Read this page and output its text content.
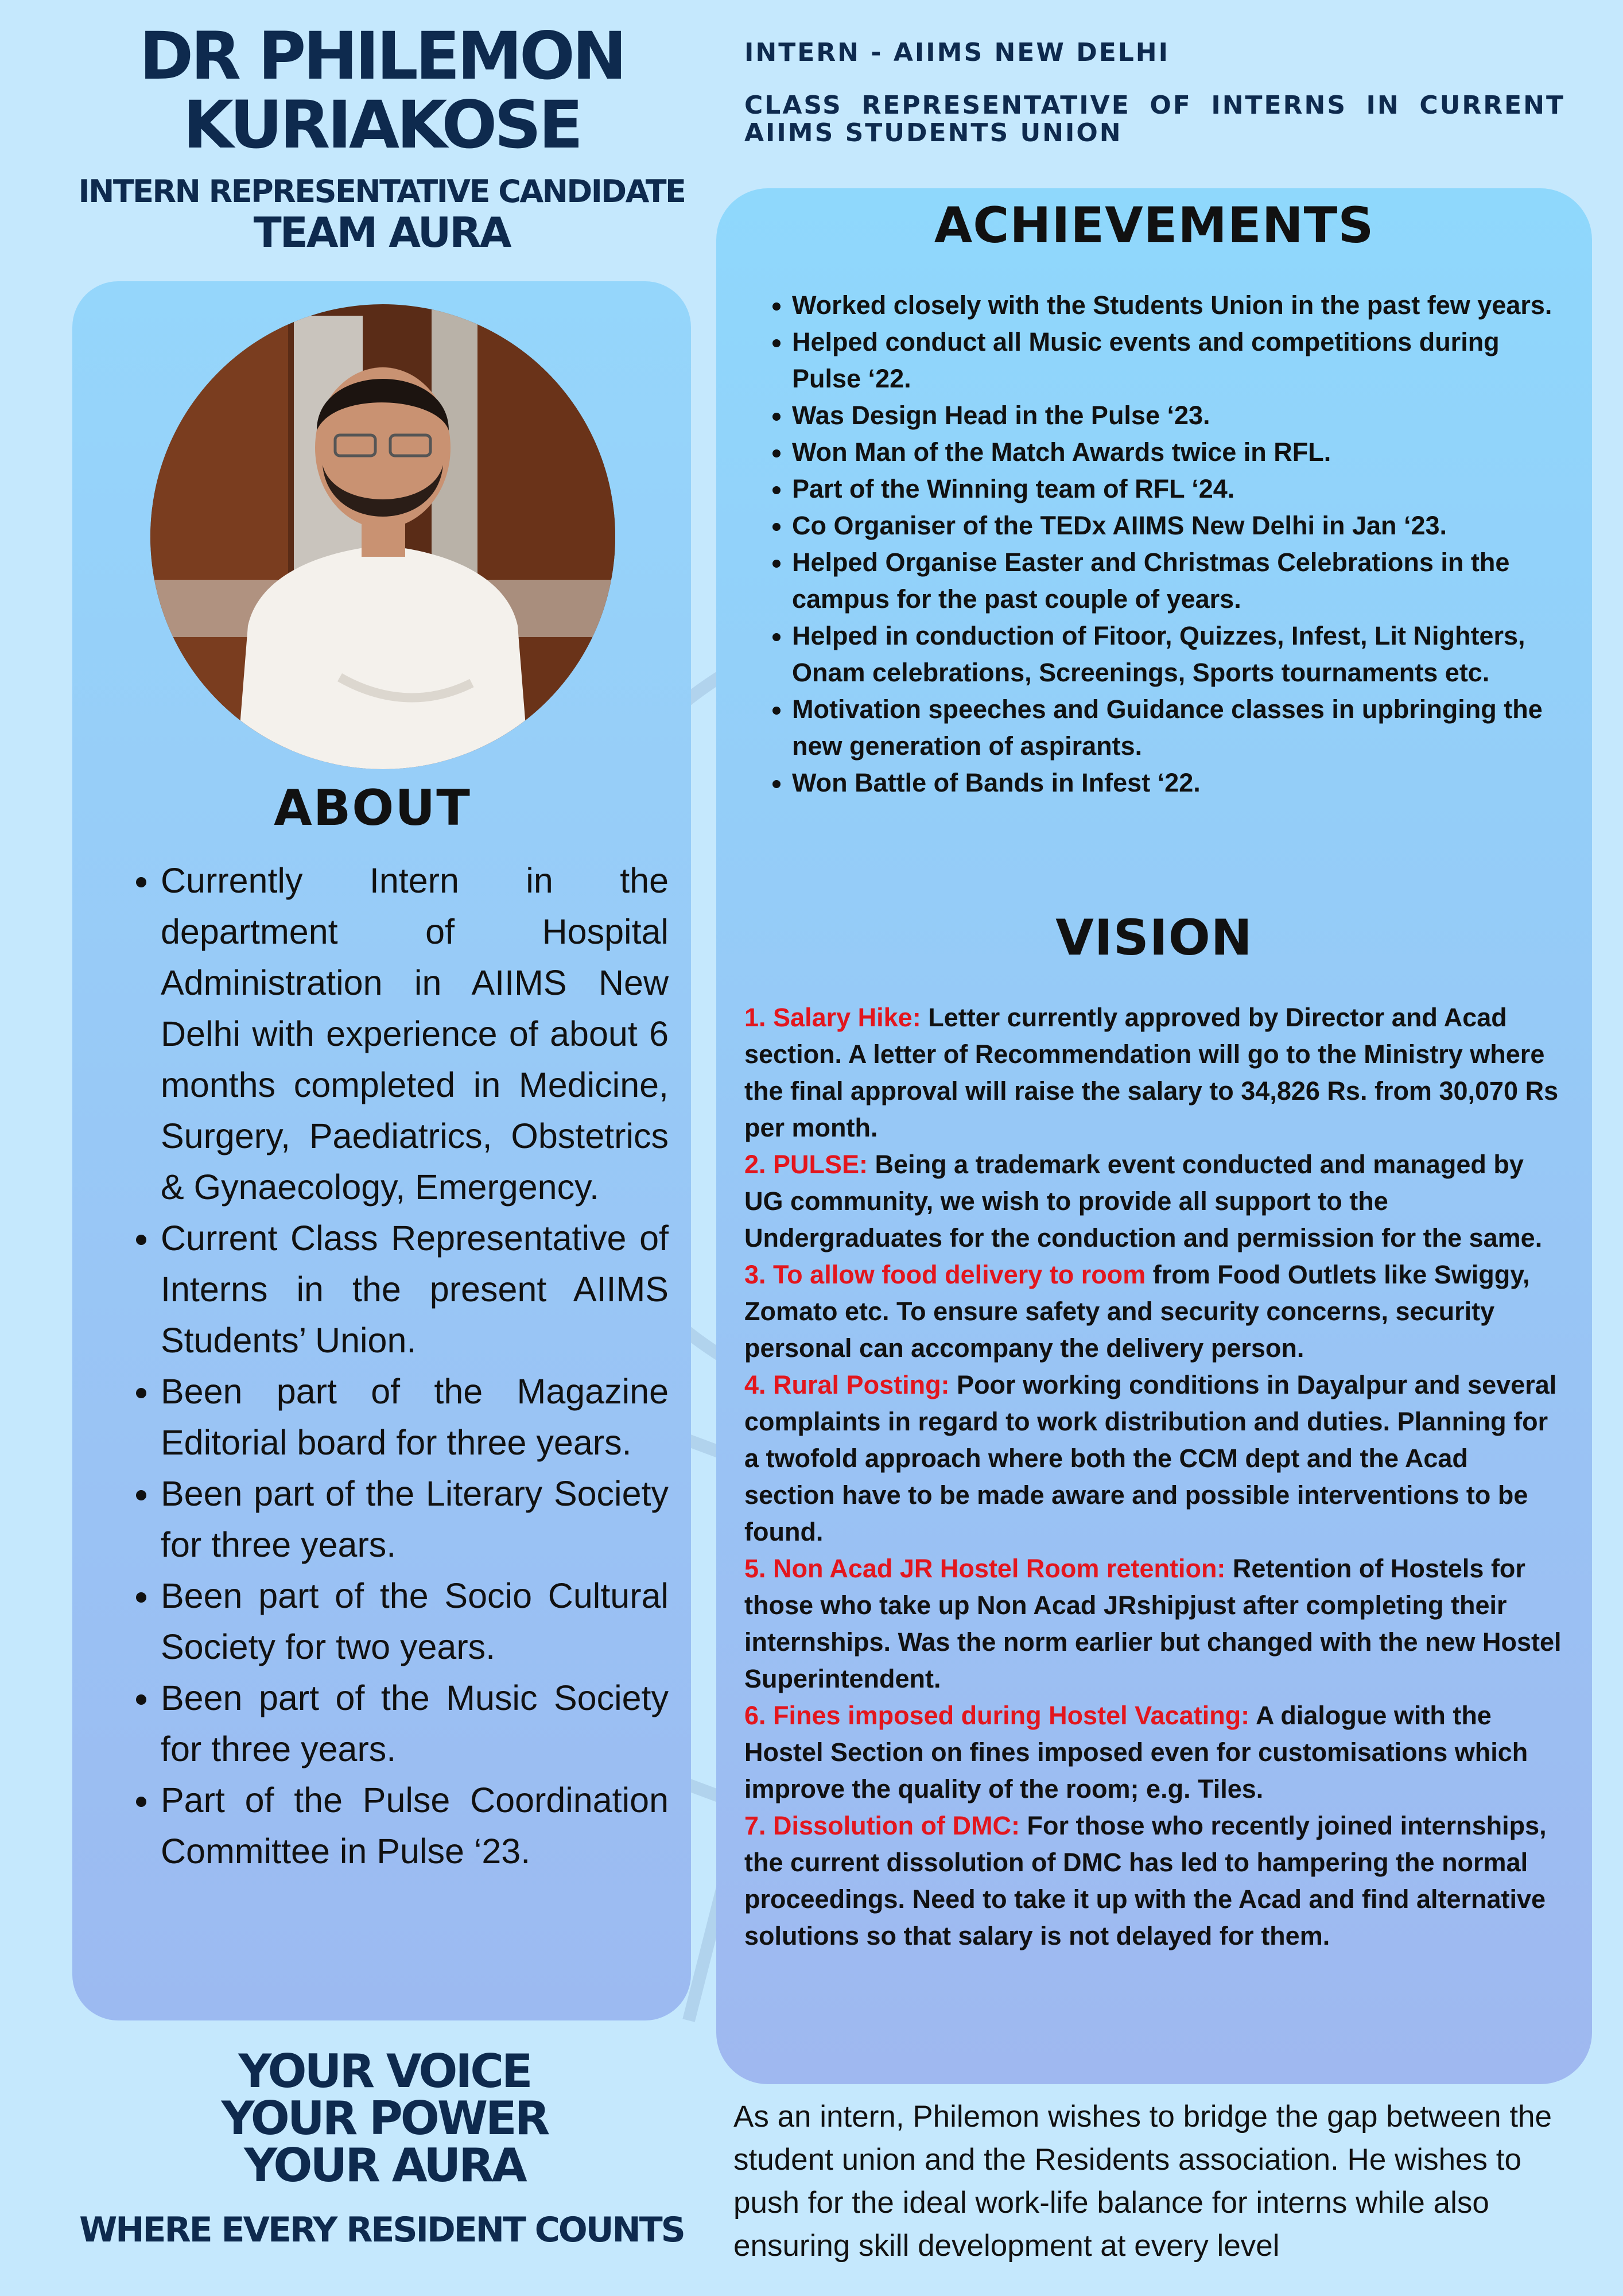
DR PHILEMON
KURIAKOSE
INTERN REPRESENTATIVE CANDIDATE
TEAM AURA
ABOUT
• Currently Intern in the department of Hospital Administration in AIIMS New Delhi with experience of about 6 months completed in Medicine, Surgery, Paediatrics, Obstetrics & Gynaecology, Emergency.
• Current Class Representative of Interns in the present AIIMS Students’ Union.
• Been part of the Magazine Editorial board for three years.
• Been part of the Literary Society for three years.
• Been part of the Socio Cultural Society for two years.
• Been part of the Music Society for three years.
• Part of the Pulse Coordination Committee in Pulse ‘23.
YOUR VOICE
YOUR POWER
YOUR AURA
WHERE EVERY RESIDENT COUNTS
INTERN - AIIMS NEW DELHI
CLASS REPRESENTATIVE OF INTERNS IN CURRENT AIIMS STUDENTS UNION
ACHIEVEMENTS
• Worked closely with the Students Union in the past few years.
• Helped conduct all Music events and competitions during Pulse ‘22.
• Was Design Head in the Pulse ‘23.
• Won Man of the Match Awards twice in RFL.
• Part of the Winning team of RFL ‘24.
• Co Organiser of the TEDx AIIMS New Delhi in Jan ‘23.
• Helped Organise Easter and Christmas Celebrations in the campus for the past couple of years.
• Helped in conduction of Fitoor, Quizzes, Infest, Lit Nighters, Onam celebrations, Screenings, Sports tournaments etc.
• Motivation speeches and Guidance classes in upbringing the new generation of aspirants.
• Won Battle of Bands in Infest ‘22.
VISION

1. Salary Hike: Letter currently approved by Director and Acad section. A letter of Recommendation will go to the Ministry where the final approval will raise the salary to 34,826 Rs. from 30,070 Rs per month.

2. PULSE: Being a trademark event conducted and managed by UG community, we wish to provide all support to the Undergraduates for the conduction and permission for the same.

3. To allow food delivery to room from Food Outlets like Swiggy, Zomato etc. To ensure safety and security concerns, security personal can accompany the delivery person.

4. Rural Posting: Poor working conditions in Dayalpur and several complaints in regard to work distribution and duties. Planning for a twofold approach where both the CCM dept and the Acad section have to be made aware and possible interventions to be found.

5. Non Acad JR Hostel Room retention: Retention of Hostels for those who take up Non Acad JRshipjust after completing their internships. Was the norm earlier but changed with the new Hostel Superintendent.

6. Fines imposed during Hostel Vacating: A dialogue with the Hostel Section on fines imposed even for customisations which improve the quality of the room; e.g. Tiles.

7. Dissolution of DMC: For those who recently joined internships, the current dissolution of DMC has led to hampering the normal proceedings. Need to take it up with the Acad and find alternative solutions so that salary is not delayed for them.

As an intern, Philemon wishes to bridge the gap between the student union and the Residents association. He wishes to push for the ideal work-life balance for interns while also ensuring skill development at every level
